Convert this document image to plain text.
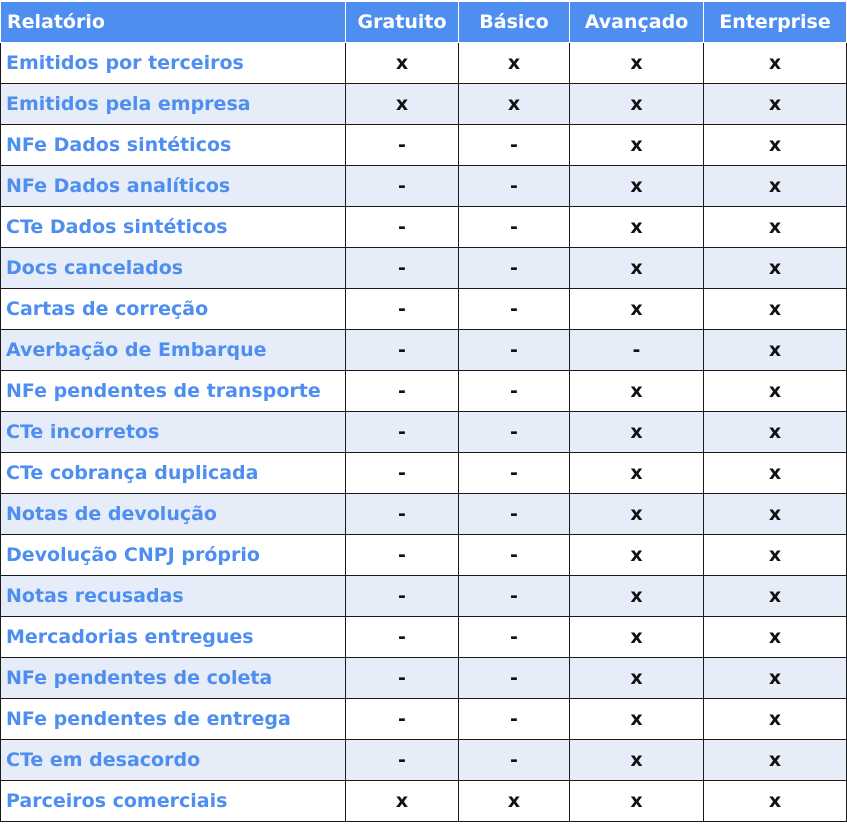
Relatório	Gratuito	Básico	Avançado	Enterprise
Emitidos por terceiros	x	x	x	x
Emitidos pela empresa	x	x	x	x
NFe Dados sintéticos	-	-	x	x
NFe Dados analíticos	-	-	x	x
CTe Dados sintéticos	-	-	x	x
Docs cancelados	-	-	x	x
Cartas de correção	-	-	x	x
Averbação de Embarque	-	-	-	x
NFe pendentes de transporte	-	-	x	x
CTe incorretos	-	-	x	x
CTe cobrança duplicada	-	-	x	x
Notas de devolução	-	-	x	x
Devolução CNPJ próprio	-	-	x	x
Notas recusadas	-	-	x	x
Mercadorias entregues	-	-	x	x
NFe pendentes de coleta	-	-	x	x
NFe pendentes de entrega	-	-	x	x
CTe em desacordo	-	-	x	x
Parceiros comerciais	x	x	x	x
